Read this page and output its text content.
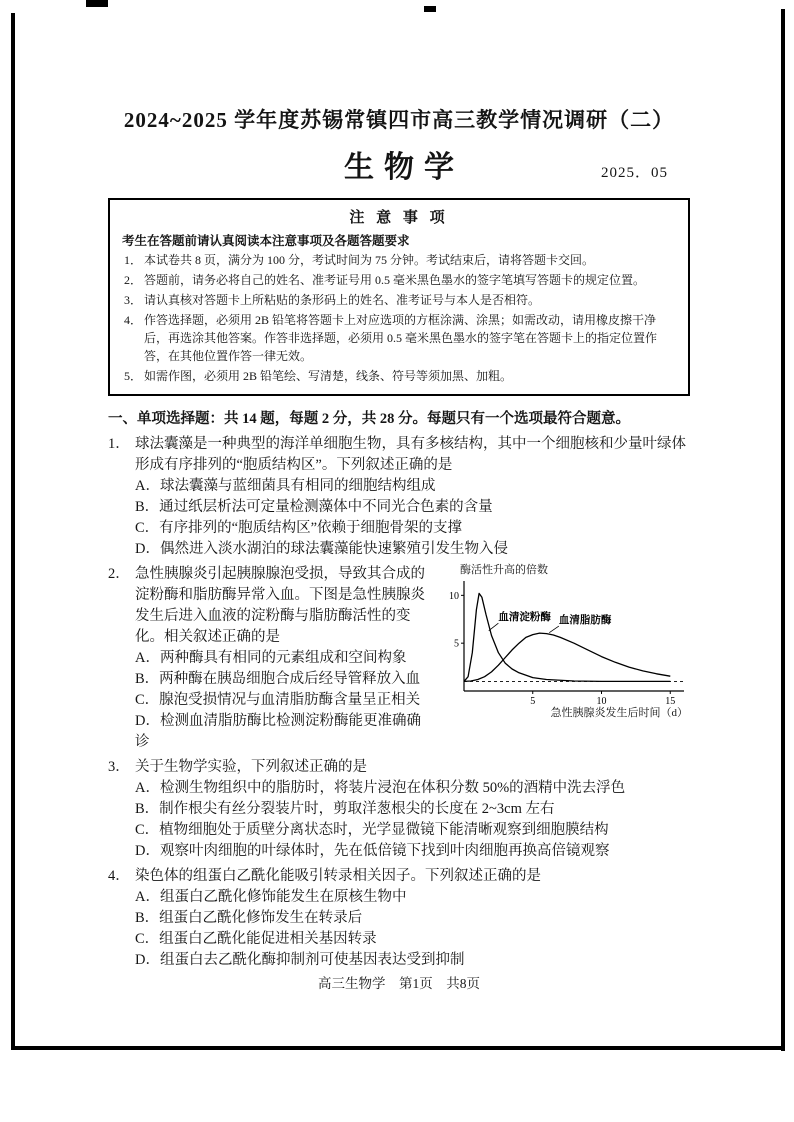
2024~2025 学年度苏锡常镇四市高三教学情况调研（二）
生物学	2025．05
注 意 事 项
考生在答题前请认真阅读本注意事项及各题答题要求
1． 本试卷共 8 页，满分为 100 分，考试时间为 75 分钟。考试结束后，请将答题卡交回。
2． 答题前，请务必将自己的姓名、准考证号用 0.5 毫米黑色墨水的签字笔填写答题卡的规定位置。
3． 请认真核对答题卡上所粘贴的条形码上的姓名、准考证号与本人是否相符。
4． 作答选择题，必须用 2B 铅笔将答题卡上对应选项的方框涂满、涂黑；如需改动，请用橡皮擦干净后，再选涂其他答案。作答非选择题，必须用 0.5 毫米黑色墨水的签字笔在答题卡上的指定位置作答，在其他位置作答一律无效。
5． 如需作图，必须用 2B 铅笔绘、写清楚，线条、符号等须加黑、加粗。
一、单项选择题：共 14 题，每题 2 分，共 28 分。每题只有一个选项最符合题意。
1． 球法囊藻是一种典型的海洋单细胞生物，具有多核结构，其中一个细胞核和少量叶绿体形成有序排列的“胞质结构区”。下列叙述正确的是
A．球法囊藻与蓝细菌具有相同的细胞结构组成
B．通过纸层析法可定量检测藻体中不同光合色素的含量
C．有序排列的“胞质结构区”依赖于细胞骨架的支撑
D．偶然进入淡水湖泊的球法囊藻能快速繁殖引发生物入侵
2．	酶活性升高的倍数
5
10
5	10	15
血清淀粉酶 血清脂肪酶
急性胰腺炎发生后时间（d）
急性胰腺炎引起胰腺腺泡受损，导致其合成的淀粉酶和脂肪酶异常入血。下图是急性胰腺炎发生后进入血液的淀粉酶与脂肪酶活性的变化。相关叙述正确的是
A．两种酶具有相同的元素组成和空间构象
B．两种酶在胰岛细胞合成后经导管释放入血
C．腺泡受损情况与血清脂肪酶含量呈正相关
D．检测血清脂肪酶比检测淀粉酶能更准确确诊
3． 关于生物学实验，下列叙述正确的是
A．检测生物组织中的脂肪时，将装片浸泡在体积分数 50%的酒精中洗去浮色
B．制作根尖有丝分裂装片时，剪取洋葱根尖的长度在 2~3cm 左右
C．植物细胞处于质壁分离状态时，光学显微镜下能清晰观察到细胞膜结构
D．观察叶肉细胞的叶绿体时，先在低倍镜下找到叶肉细胞再换高倍镜观察
4． 染色体的组蛋白乙酰化能吸引转录相关因子。下列叙述正确的是
A．组蛋白乙酰化修饰能发生在原核生物中
B．组蛋白乙酰化修饰发生在转录后
C．组蛋白乙酰化能促进相关基因转录
D．组蛋白去乙酰化酶抑制剂可使基因表达受到抑制
高三生物学　第1页　共8页
